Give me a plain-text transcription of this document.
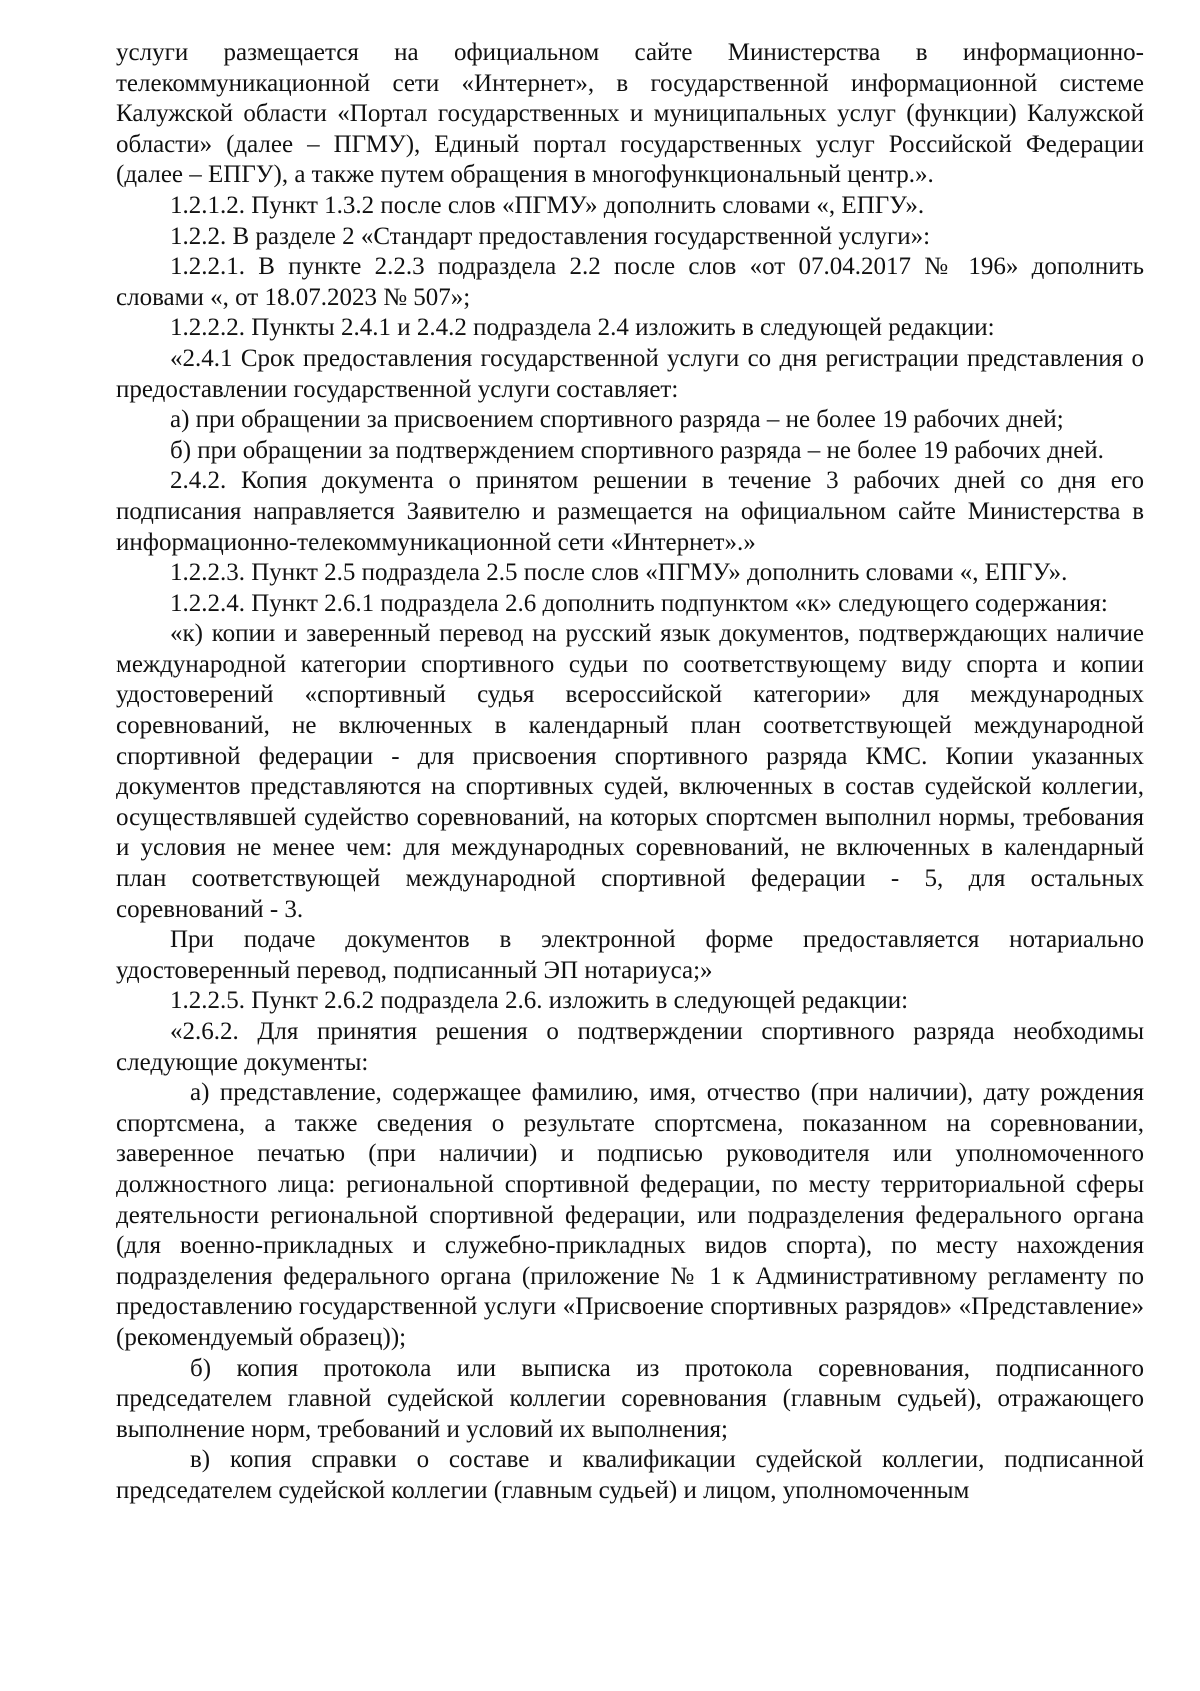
услуги размещается на официальном сайте Министерства в информационно-телекоммуникационной сети «Интернет», в государственной информационной системе Калужской области «Портал государственных и муниципальных услуг (функции) Калужской области» (далее – ПГМУ), Единый портал государственных услуг Российской Федерации (далее – ЕПГУ), а также путем обращения в многофункциональный центр.».

1.2.1.2. Пункт 1.3.2 после слов «ПГМУ» дополнить словами «, ЕПГУ».

1.2.2. В разделе 2 «Стандарт предоставления государственной услуги»:

1.2.2.1. В пункте 2.2.3 подраздела 2.2 после слов «от 07.04.2017 № 196» дополнить словами «, от 18.07.2023 № 507»;

1.2.2.2. Пункты 2.4.1 и 2.4.2 подраздела 2.4 изложить в следующей редакции:

«2.4.1 Срок предоставления государственной услуги со дня регистрации представления о предоставлении государственной услуги составляет:

а) при обращении за присвоением спортивного разряда – не более 19 рабочих дней;

б) при обращении за подтверждением спортивного разряда – не более 19 рабочих дней.

2.4.2. Копия документа о принятом решении в течение 3 рабочих дней со дня его подписания направляется Заявителю и размещается на официальном сайте Министерства в информационно-телекоммуникационной сети «Интернет».»

1.2.2.3. Пункт 2.5 подраздела 2.5 после слов «ПГМУ» дополнить словами «, ЕПГУ».

1.2.2.4. Пункт 2.6.1 подраздела 2.6 дополнить подпунктом «к» следующего содержания:

«к) копии и заверенный перевод на русский язык документов, подтверждающих наличие международной категории спортивного судьи по соответствующему виду спорта и копии удостоверений «спортивный судья всероссийской категории» для международных соревнований, не включенных в календарный план соответствующей международной спортивной федерации - для присвоения спортивного разряда КМС. Копии указанных документов представляются на спортивных судей, включенных в состав судейской коллегии, осуществлявшей судейство соревнований, на которых спортсмен выполнил нормы, требования и условия не менее чем: для международных соревнований, не включенных в календарный план соответствующей международной спортивной федерации - 5, для остальных соревнований - 3.

При подаче документов в электронной форме предоставляется нотариально удостоверенный перевод, подписанный ЭП нотариуса;»

1.2.2.5. Пункт 2.6.2 подраздела 2.6. изложить в следующей редакции:

«2.6.2. Для принятия решения о подтверждении спортивного разряда необходимы следующие документы:

а) представление, содержащее фамилию, имя, отчество (при наличии), дату рождения спортсмена, а также сведения о результате спортсмена, показанном на соревновании, заверенное печатью (при наличии) и подписью руководителя или уполномоченного должностного лица: региональной спортивной федерации, по месту территориальной сферы деятельности региональной спортивной федерации, или подразделения федерального органа (для военно-прикладных и служебно-прикладных видов спорта), по месту нахождения подразделения федерального органа (приложение № 1 к Административному регламенту по предоставлению государственной услуги «Присвоение спортивных разрядов» «Представление» (рекомендуемый образец));

б) копия протокола или выписка из протокола соревнования, подписанного председателем главной судейской коллегии соревнования (главным судьей), отражающего выполнение норм, требований и условий их выполнения;

в) копия справки о составе и квалификации судейской коллегии, подписанной председателем судейской коллегии (главным судьей) и лицом, уполномоченным
